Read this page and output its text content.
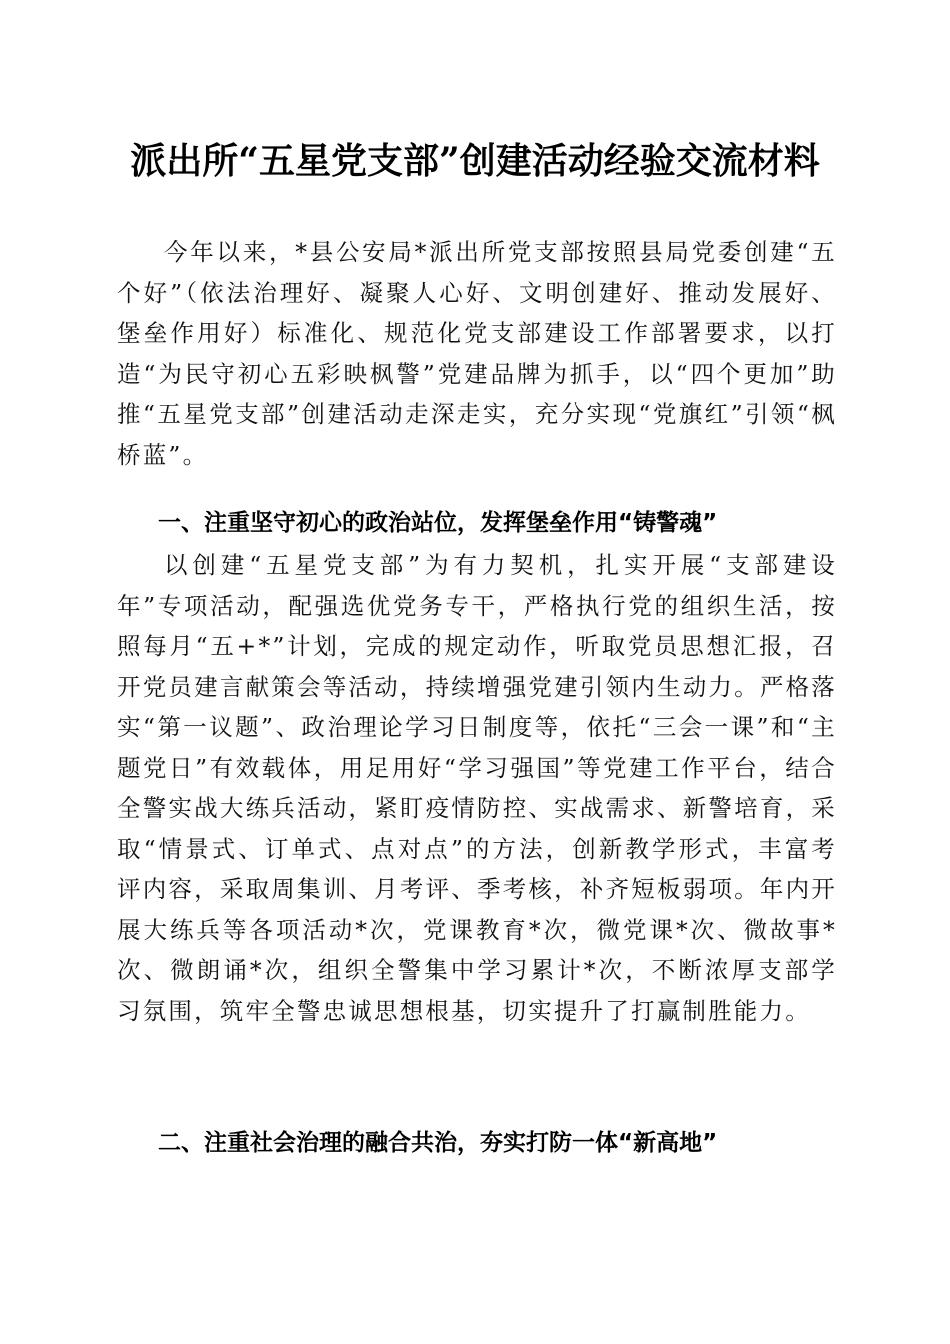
派出所“五星党支部”创建活动经验交流材料
今年以来，*县公安局*派出所党支部按照县局党委创建“五个好”（依法治理好、凝聚人心好、文明创建好、推动发展好、堡垒作用好）标准化、规范化党支部建设工作部署要求，以打造“为民守初心五彩映枫警”党建品牌为抓手，以“四个更加”助推“五星党支部”创建活动走深走实，充分实现“党旗红”引领“枫桥蓝”。
一、注重坚守初心的政治站位，发挥堡垒作用“铸警魂”
以创建“五星党支部”为有力契机，扎实开展“支部建设年”专项活动，配强选优党务专干，严格执行党的组织生活，按照每月“五+*”计划，完成的规定动作，听取党员思想汇报，召开党员建言献策会等活动，持续增强党建引领内生动力。严格落实“第一议题”、政治理论学习日制度等，依托“三会一课”和“主题党日”有效载体，用足用好“学习强国”等党建工作平台，结合全警实战大练兵活动，紧盯疫情防控、实战需求、新警培育，采取“情景式、订单式、点对点”的方法，创新教学形式，丰富考评内容，采取周集训、月考评、季考核，补齐短板弱项。年内开展大练兵等各项活动*次，党课教育*次，微党课*次、微故事*次、微朗诵*次，组织全警集中学习累计*次，不断浓厚支部学习氛围，筑牢全警忠诚思想根基，切实提升了打赢制胜能力。
二、注重社会治理的融合共治，夯实打防一体“新高地”
